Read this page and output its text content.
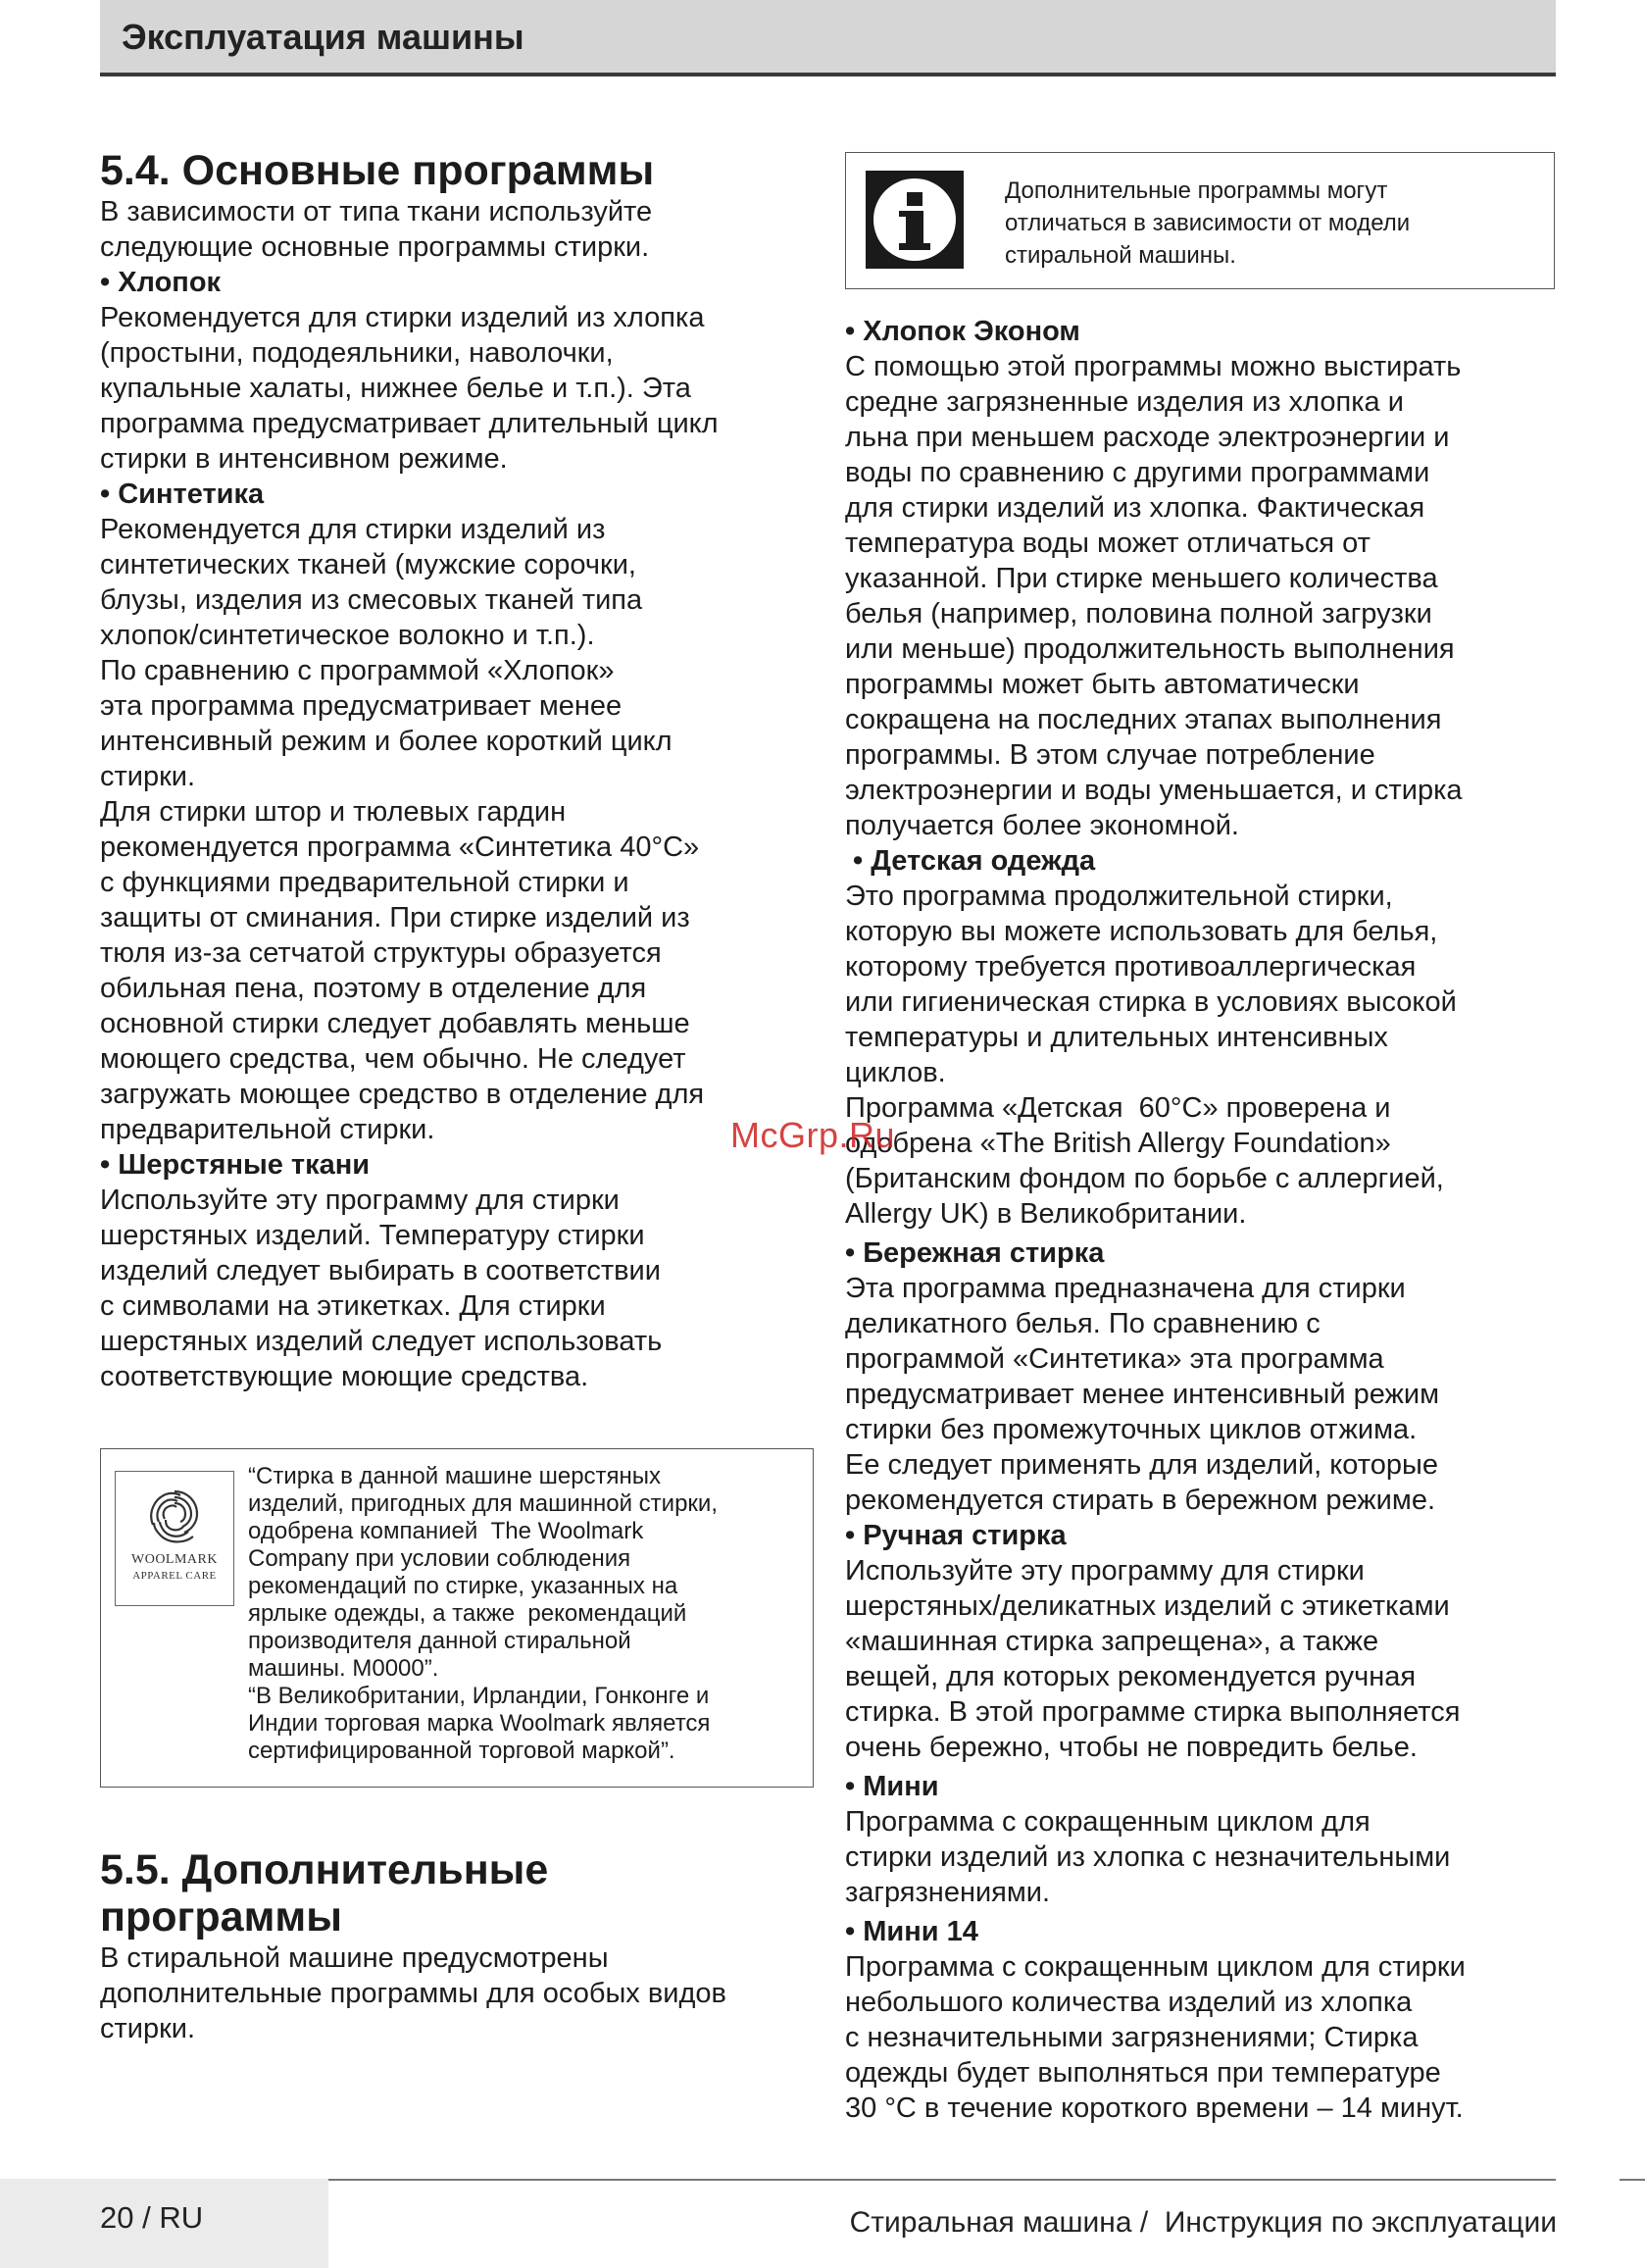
Эксплуатация машины
5.4. Основные программы
В зависимости от типа ткани используйте
следующие основные программы стирки.
• Хлопок
Рекомендуется для стирки изделий из хлопка
(простыни, пододеяльники, наволочки,
купальные халаты, нижнее белье и т.п.). Эта
программа предусматривает длительный цикл
стирки в интенсивном режиме.
• Синтетика
Рекомендуется для стирки изделий из
синтетических тканей (мужские сорочки,
блузы, изделия из смесовых тканей типа
хлопок/синтетическое волокно и т.п.).
По сравнению с программой «Хлопок»
эта программа предусматривает менее
интенсивный режим и более короткий цикл
стирки.
Для стирки штор и тюлевых гардин
рекомендуется программа «Синтетика 40°C»
с функциями предварительной стирки и
защиты от сминания. При стирке изделий из
тюля из-за сетчатой структуры образуется
обильная пена, поэтому в отделение для
основной стирки следует добавлять меньше
моющего средства, чем обычно. Не следует
загружать моющее средство в отделение для
предварительной стирки.
• Шерстяные ткани
Используйте эту программу для стирки
шерстяных изделий. Температуру стирки
изделий следует выбирать в соответствии
с символами на этикетках. Для стирки
шерстяных изделий следует использовать
соответствующие моющие средства.
WOOLMARK
APPAREL CARE
“Стирка в данной машине шерстяных
изделий, пригодных для машинной стирки,
одобрена компанией  The Woolmark
Company при условии соблюдения
рекомендаций по стирке, указанных на
ярлыке одежды, а также  рекомендаций
производителя данной стиральной
машины. M0000”.
“В Великобритании, Ирландии, Гонконге и
Индии торговая марка Woolmark является
сертифицированной торговой маркой”.
5.5. Дополнительные
программы
В стиральной машине предусмотрены
дополнительные программы для особых видов
стирки.
Дополнительные программы могут
отличаться в зависимости от модели
стиральной машины.
• Хлопок Эконом
С помощью этой программы можно выстирать
средне загрязненные изделия из хлопка и
льна при меньшем расходе электроэнергии и
воды по сравнению с другими программами
для стирки изделий из хлопка. Фактическая
температура воды может отличаться от
указанной. При стирке меньшего количества
белья (например, половина полной загрузки
или меньше) продолжительность выполнения
программы может быть автоматически
сокращена на последних этапах выполнения
программы. В этом случае потребление
электроэнергии и воды уменьшается, и стирка
получается более экономной.
• Детская одежда
Это программа продолжительной стирки,
которую вы можете использовать для белья,
которому требуется противоаллергическая
или гигиеническая стирка в условиях высокой
температуры и длительных интенсивных
циклов.
Программа «Детская  60°C» проверена и
одобрена «The British Allergy Foundation»
(Британским фондом по борьбе с аллергией,
Allergy UK) в Великобритании.
• Бережная стирка
Эта программа предназначена для стирки
деликатного белья. По сравнению с
программой «Синтетика» эта программа
предусматривает менее интенсивный режим
стирки без промежуточных циклов отжима.
Ее следует применять для изделий, которые
рекомендуется стирать в бережном режиме.
• Ручная стирка
Используйте эту программу для стирки
шерстяных/деликатных изделий с этикетками
«машинная стирка запрещена», а также
вещей, для которых рекомендуется ручная
стирка. В этой программе стирка выполняется
очень бережно, чтобы не повредить белье.
• Мини
Программа с сокращенным циклом для
стирки изделий из хлопка с незначительными
загрязнениями.
• Мини 14
Программа с сокращенным циклом для стирки
небольшого количества изделий из хлопка
с незначительными загрязнениями; Стирка
одежды будет выполняться при температуре
30 °C в течение короткого времени – 14 минут.
McGrp.Ru
20 / RU	Стиральная машина /  Инструкция по эксплуатации
